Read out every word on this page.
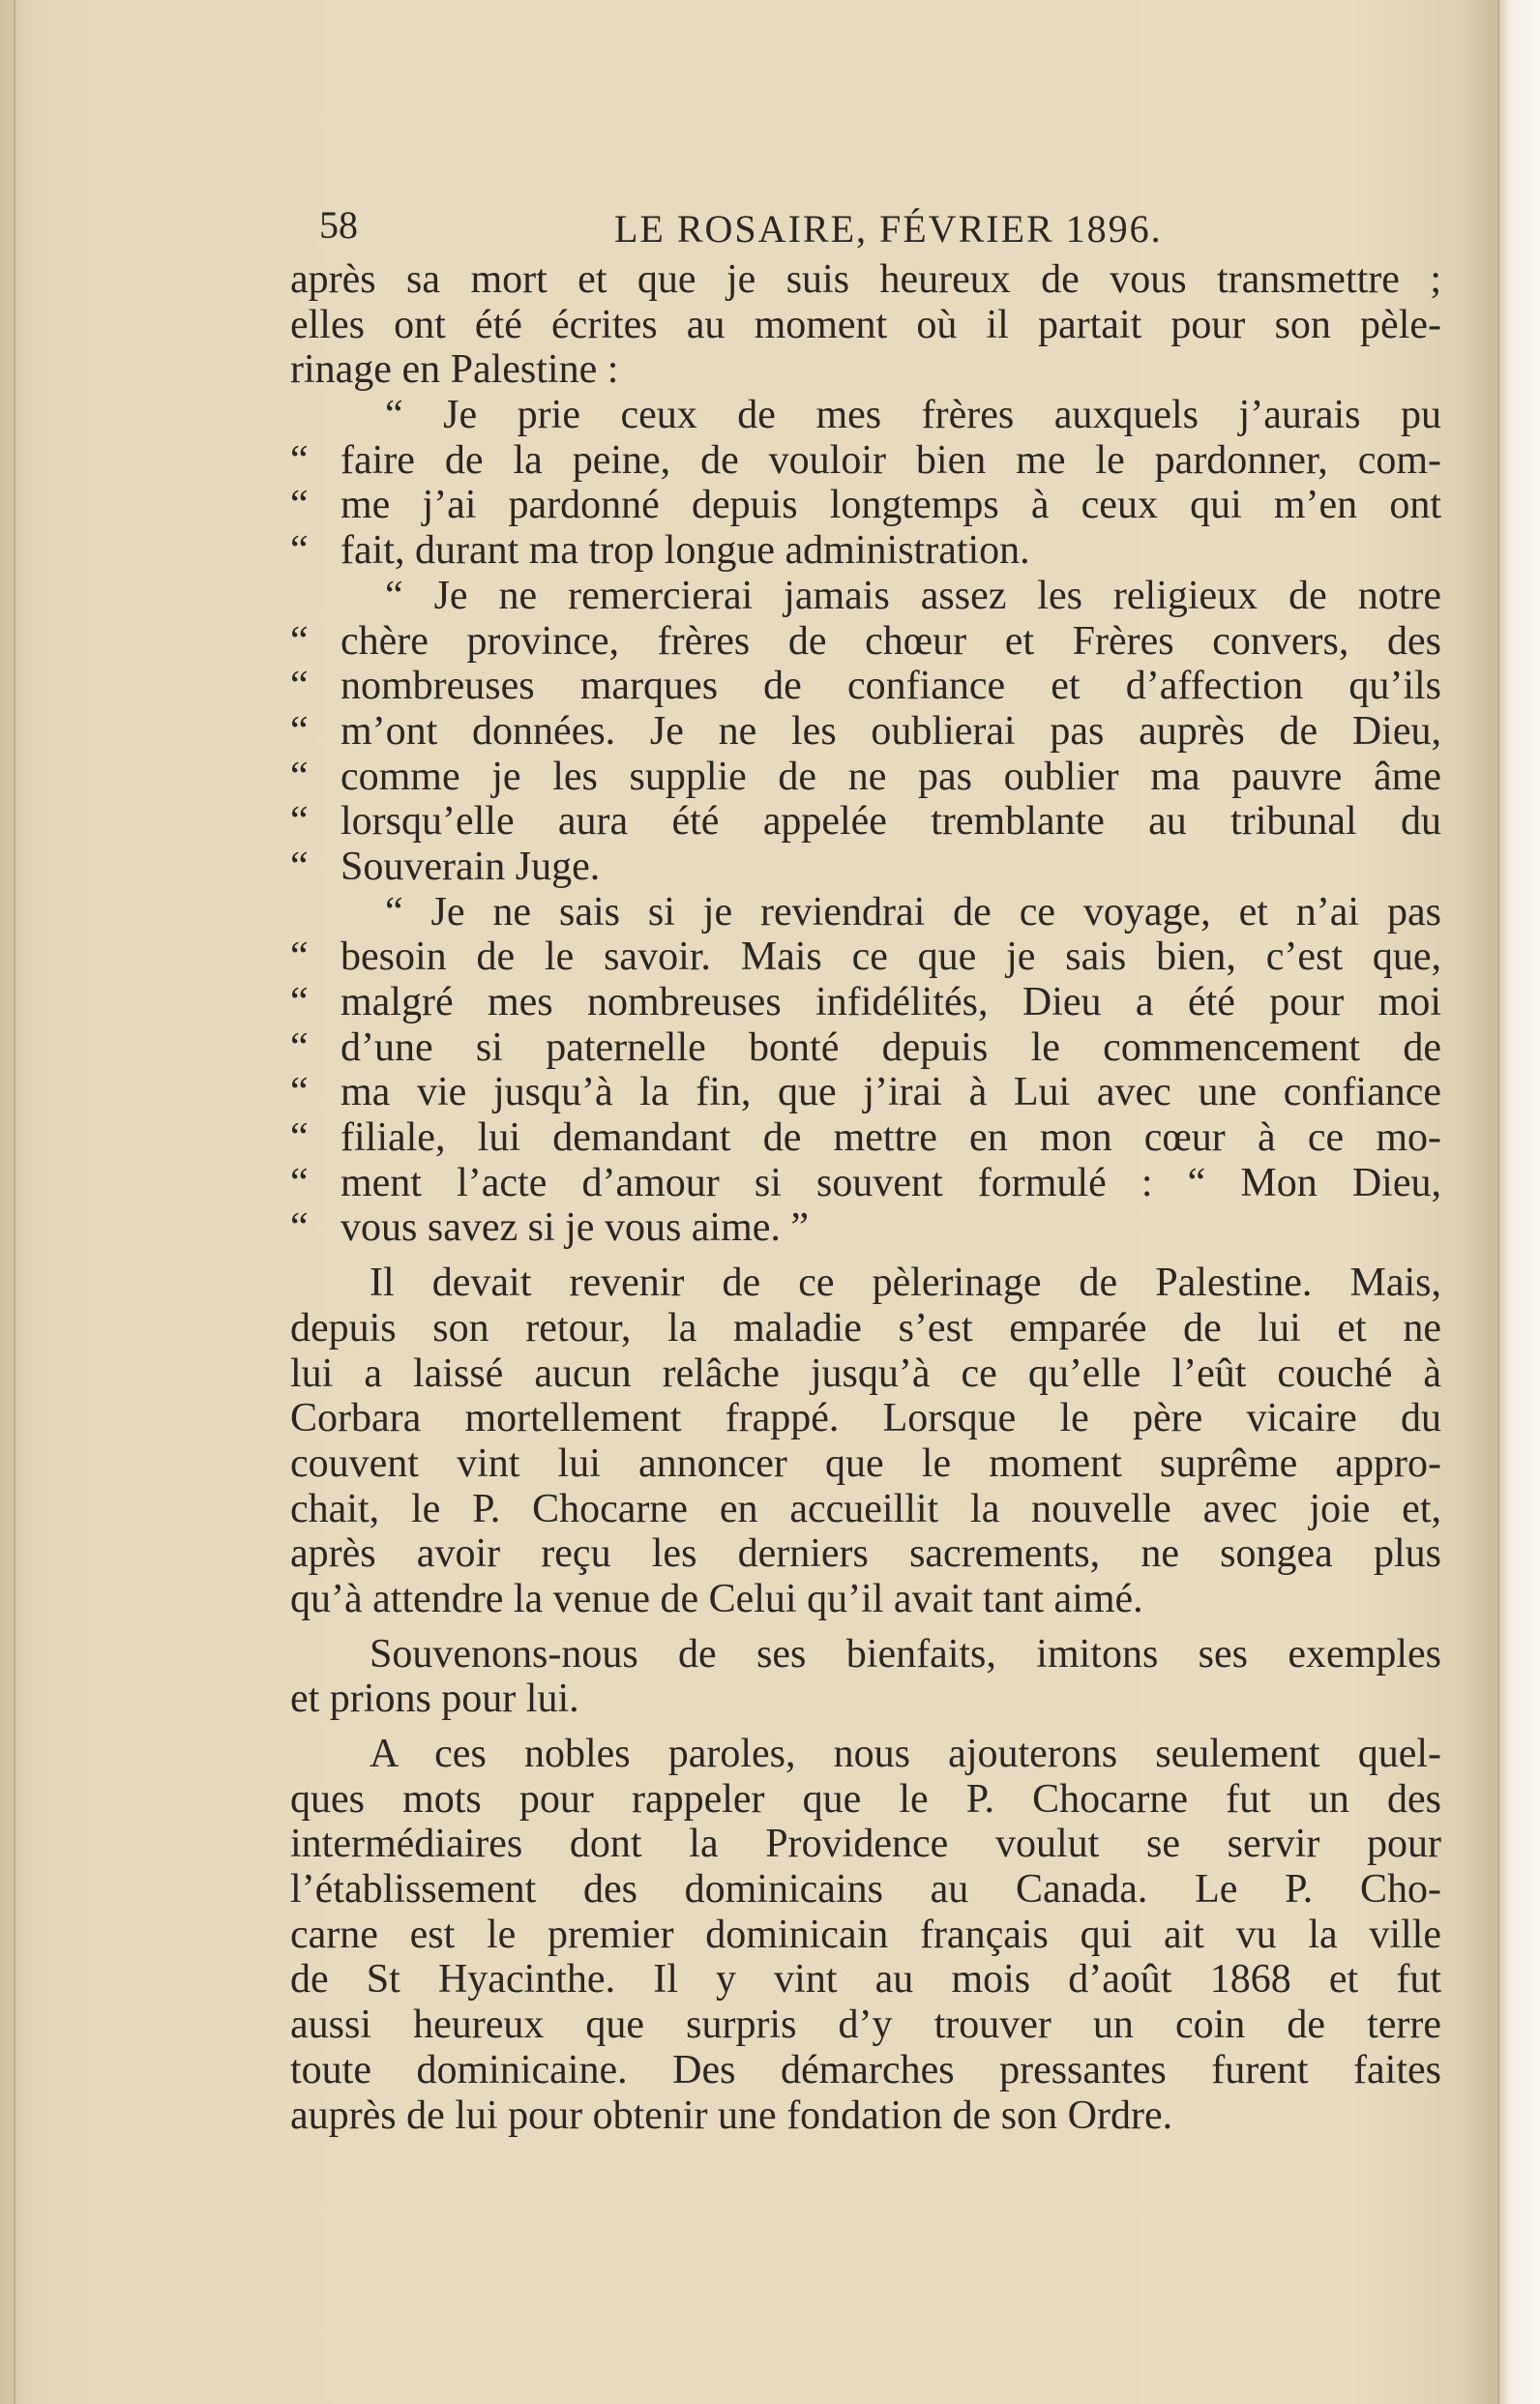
58	LE ROSAIRE, FÉVRIER 1896.
après sa mort et que je suis heureux de vous transmettre ;
elles ont été écrites au moment où il partait pour son pèle-
rinage en Palestine :
“ Je prie ceux de mes frères auxquels j’aurais pu
“ faire de la peine, de vouloir bien me le pardonner, com-
“ me j’ai pardonné depuis longtemps à ceux qui m’en ont
“ fait, durant ma trop longue administration.
“ Je ne remercierai jamais assez les religieux de notre
“ chère province, frères de chœur et Frères convers, des
“ nombreuses marques de confiance et d’affection qu’ils
“ m’ont données. Je ne les oublierai pas auprès de Dieu,
“ comme je les supplie de ne pas oublier ma pauvre âme
“ lorsqu’elle aura été appelée tremblante au tribunal du
“ Souverain Juge.
“ Je ne sais si je reviendrai de ce voyage, et n’ai pas
“ besoin de le savoir. Mais ce que je sais bien, c’est que,
“ malgré mes nombreuses infidélités, Dieu a été pour moi
“ d’une si paternelle bonté depuis le commencement de
“ ma vie jusqu’à la fin, que j’irai à Lui avec une confiance
“ filiale, lui demandant de mettre en mon cœur à ce mo-
“ ment l’acte d’amour si souvent formulé : “ Mon Dieu,
“ vous savez si je vous aime. ”
Il devait revenir de ce pèlerinage de Palestine. Mais,
depuis son retour, la maladie s’est emparée de lui et ne
lui a laissé aucun relâche jusqu’à ce qu’elle l’eût couché à
Corbara mortellement frappé. Lorsque le père vicaire du
couvent vint lui annoncer que le moment suprême appro-
chait, le P. Chocarne en accueillit la nouvelle avec joie et,
après avoir reçu les derniers sacrements, ne songea plus
qu’à attendre la venue de Celui qu’il avait tant aimé.
Souvenons-nous de ses bienfaits, imitons ses exemples
et prions pour lui.
A ces nobles paroles, nous ajouterons seulement quel-
ques mots pour rappeler que le P. Chocarne fut un des
intermédiaires dont la Providence voulut se servir pour
l’établissement des dominicains au Canada. Le P. Cho-
carne est le premier dominicain français qui ait vu la ville
de St Hyacinthe. Il y vint au mois d’août 1868 et fut
aussi heureux que surpris d’y trouver un coin de terre
toute dominicaine. Des démarches pressantes furent faites
auprès de lui pour obtenir une fondation de son Ordre.
